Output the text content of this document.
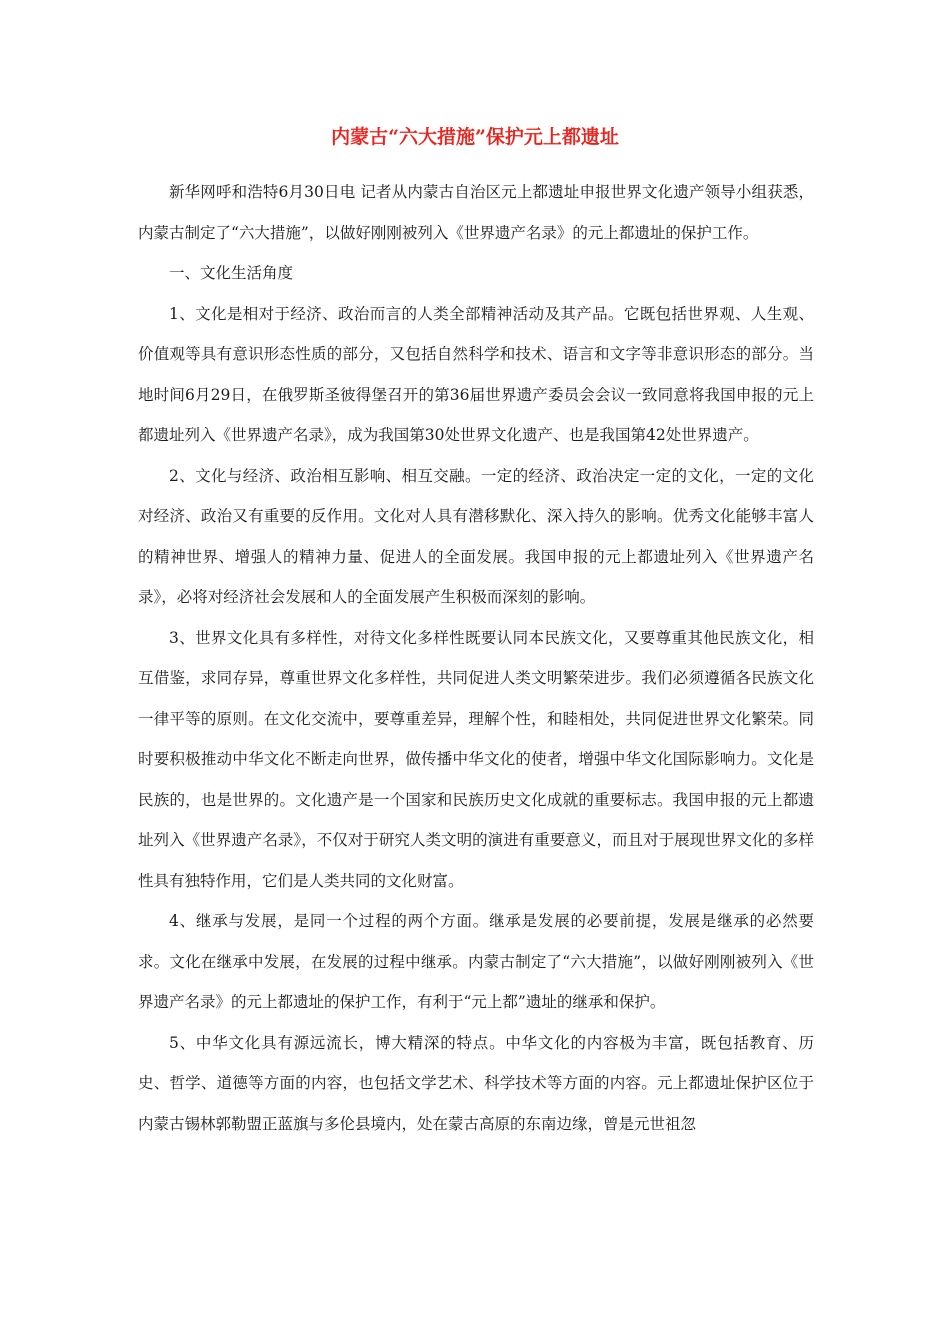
内蒙古“六大措施”保护元上都遗址

新华网呼和浩特6月30日电 记者从内蒙古自治区元上都遗址申报世界文化遗产领导小组获悉，内蒙古制定了“六大措施”，以做好刚刚被列入《世界遗产名录》的元上都遗址的保护工作。

一、文化生活角度

1、文化是相对于经济、政治而言的人类全部精神活动及其产品。它既包括世界观、人生观、价值观等具有意识形态性质的部分，又包括自然科学和技术、语言和文字等非意识形态的部分。当地时间6月29日，在俄罗斯圣彼得堡召开的第36届世界遗产委员会会议一致同意将我国申报的元上都遗址列入《世界遗产名录》，成为我国第30处世界文化遗产、也是我国第42处世界遗产。

2、文化与经济、政治相互影响、相互交融。一定的经济、政治决定一定的文化，一定的文化对经济、政治又有重要的反作用。文化对人具有潜移默化、深入持久的影响。优秀文化能够丰富人的精神世界、增强人的精神力量、促进人的全面发展。我国申报的元上都遗址列入《世界遗产名录》，必将对经济社会发展和人的全面发展产生积极而深刻的影响。

3、世界文化具有多样性，对待文化多样性既要认同本民族文化，又要尊重其他民族文化，相互借鉴，求同存异，尊重世界文化多样性，共同促进人类文明繁荣进步。我们必须遵循各民族文化一律平等的原则。在文化交流中，要尊重差异，理解个性，和睦相处，共同促进世界文化繁荣。同时要积极推动中华文化不断走向世界，做传播中华文化的使者，增强中华文化国际影响力。文化是民族的，也是世界的。文化遗产是一个国家和民族历史文化成就的重要标志。我国申报的元上都遗址列入《世界遗产名录》，不仅对于研究人类文明的演进有重要意义，而且对于展现世界文化的多样性具有独特作用，它们是人类共同的文化财富。

4、继承与发展，是同一个过程的两个方面。继承是发展的必要前提，发展是继承的必然要求。文化在继承中发展，在发展的过程中继承。内蒙古制定了“六大措施”，以做好刚刚被列入《世界遗产名录》的元上都遗址的保护工作，有利于“元上都”遗址的继承和保护。

5、中华文化具有源远流长，博大精深的特点。中华文化的内容极为丰富，既包括教育、历史、哲学、道德等方面的内容，也包括文学艺术、科学技术等方面的内容。元上都遗址保护区位于内蒙古锡林郭勒盟正蓝旗与多伦县境内，处在蒙古高原的东南边缘，曾是元世祖忽
